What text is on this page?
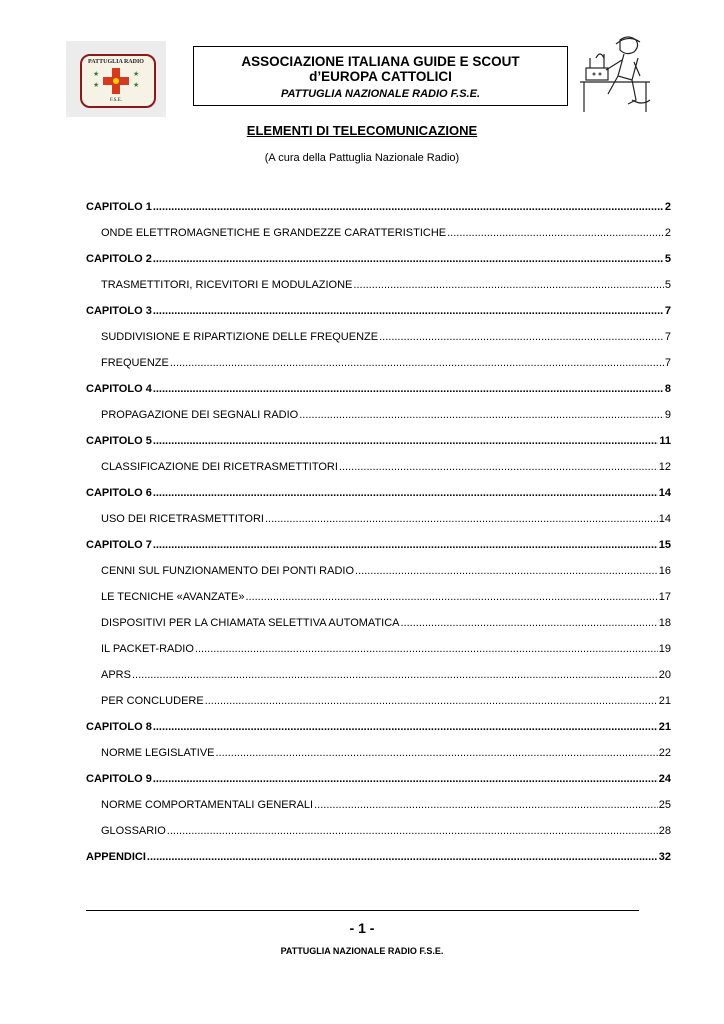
PATTUGLIA RADIO
★
★
★
★
F.S.E.
ASSOCIAZIONE ITALIANA GUIDE E SCOUT
d’EUROPA CATTOLICI
PATTUGLIA NAZIONALE RADIO F.S.E.
ELEMENTI DI TELECOMUNICAZIONE
(A cura della Pattuglia Nazionale Radio)
CAPITOLO 1 .....	2
ONDE ELETTROMAGNETICHE E GRANDEZZE CARATTERISTICHE .....	2
CAPITOLO 2 .....	5
TRASMETTITORI, RICEVITORI E MODULAZIONE .....	5
CAPITOLO 3 .....	7
SUDDIVISIONE E RIPARTIZIONE DELLE FREQUENZE .....	7
FREQUENZE .....	7
CAPITOLO 4 .....	8
PROPAGAZIONE DEI SEGNALI RADIO .....	9
CAPITOLO 5 .....	11
CLASSIFICAZIONE DEI RICETRASMETTITORI .....	12
CAPITOLO 6 .....	14
USO DEI RICETRASMETTITORI .....	14
CAPITOLO 7 .....	15
CENNI SUL FUNZIONAMENTO DEI PONTI RADIO .....	16
LE TECNICHE «AVANZATE» .....	17
DISPOSITIVI PER LA CHIAMATA SELETTIVA AUTOMATICA .....	18
IL PACKET-RADIO .....	19
APRS .....	20
PER CONCLUDERE .....	21
CAPITOLO 8 .....	21
NORME LEGISLATIVE .....	22
CAPITOLO 9 .....	24
NORME COMPORTAMENTALI GENERALI .....	25
GLOSSARIO .....	28
APPENDICI .....	32
- 1 -
PATTUGLIA NAZIONALE RADIO F.S.E.
